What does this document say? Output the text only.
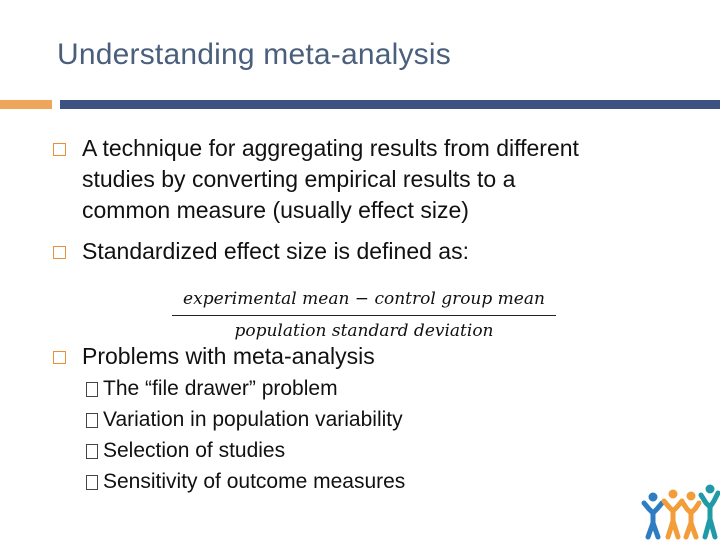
Understanding meta-analysis
A technique for aggregating results from different
studies by converting empirical results to a
common measure (usually effect size)
Standardized effect size is defined as:
experimental mean − control group mean
population standard deviation
Problems with meta-analysis
The “file drawer” problem
Variation in population variability
Selection of studies
Sensitivity of outcome measures
